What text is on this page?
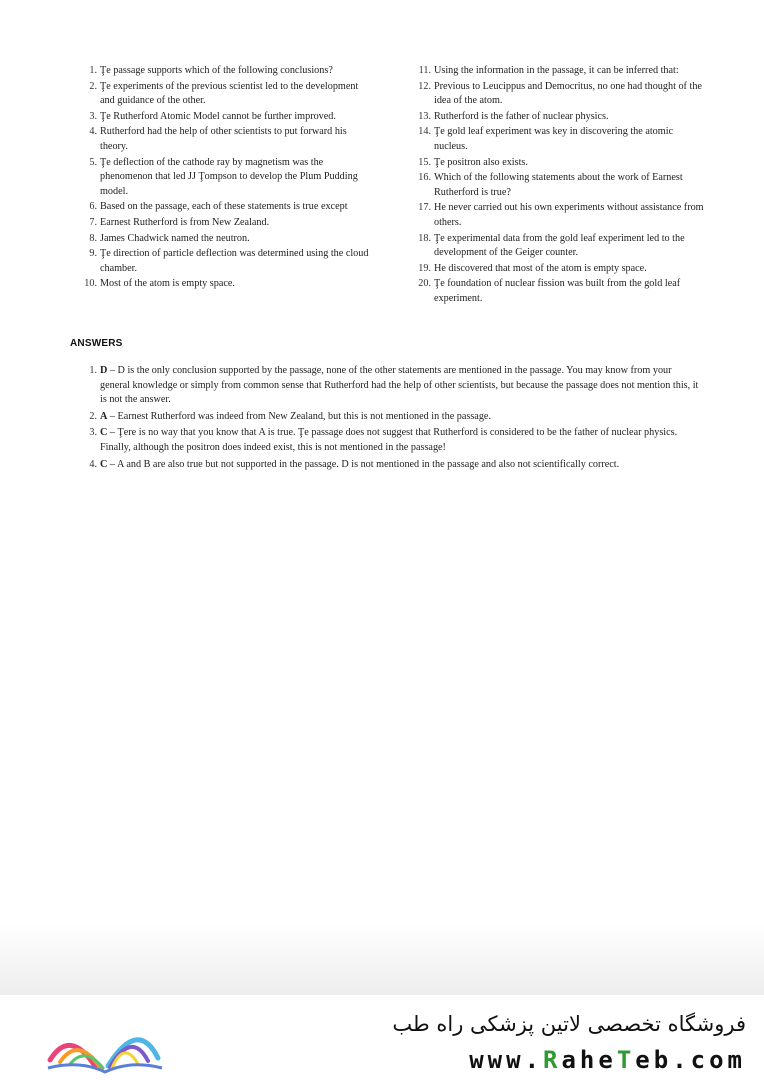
1. Ţe passage supports which of the following conclusions?
2. Ţe experiments of the previous scientist led to the development and guidance of the other.
3. Ţe Rutherford Atomic Model cannot be further improved.
4. Rutherford had the help of other scientists to put forward his theory.
5. Ţe deflection of the cathode ray by magnetism was the phenomenon that led JJ Ţompson to develop the Plum Pudding model.
6. Based on the passage, each of these statements is true except
7. Earnest Rutherford is from New Zealand.
8. James Chadwick named the neutron.
9. Ţe direction of particle deflection was determined using the cloud chamber.
10. Most of the atom is empty space.
11. Using the information in the passage, it can be inferred that:
12. Previous to Leucippus and Democritus, no one had thought of the idea of the atom.
13. Rutherford is the father of nuclear physics.
14. Ţe gold leaf experiment was key in discovering the atomic nucleus.
15. Ţe positron also exists.
16. Which of the following statements about the work of Earnest Rutherford is true?
17. He never carried out his own experiments without assistance from others.
18. Ţe experimental data from the gold leaf experiment led to the development of the Geiger counter.
19. He discovered that most of the atom is empty space.
20. Ţe foundation of nuclear fission was built from the gold leaf experiment.
ANSWERS
1. D – D is the only conclusion supported by the passage, none of the other statements are mentioned in the passage. You may know from your general knowledge or simply from common sense that Rutherford had the help of other scientists, but because the passage does not mention this, it is not the answer.
2. A – Earnest Rutherford was indeed from New Zealand, but this is not mentioned in the passage.
3. C – Ţere is no way that you know that A is true. Ţe passage does not suggest that Rutherford is considered to be the father of nuclear physics. Finally, although the positron does indeed exist, this is not mentioned in the passage!
4. C – A and B are also true but not supported in the passage. D is not mentioned in the passage and also not scientifically correct.
فروشگاه تخصصی لاتین پزشکی راه طب
www.RaheTeb.com
